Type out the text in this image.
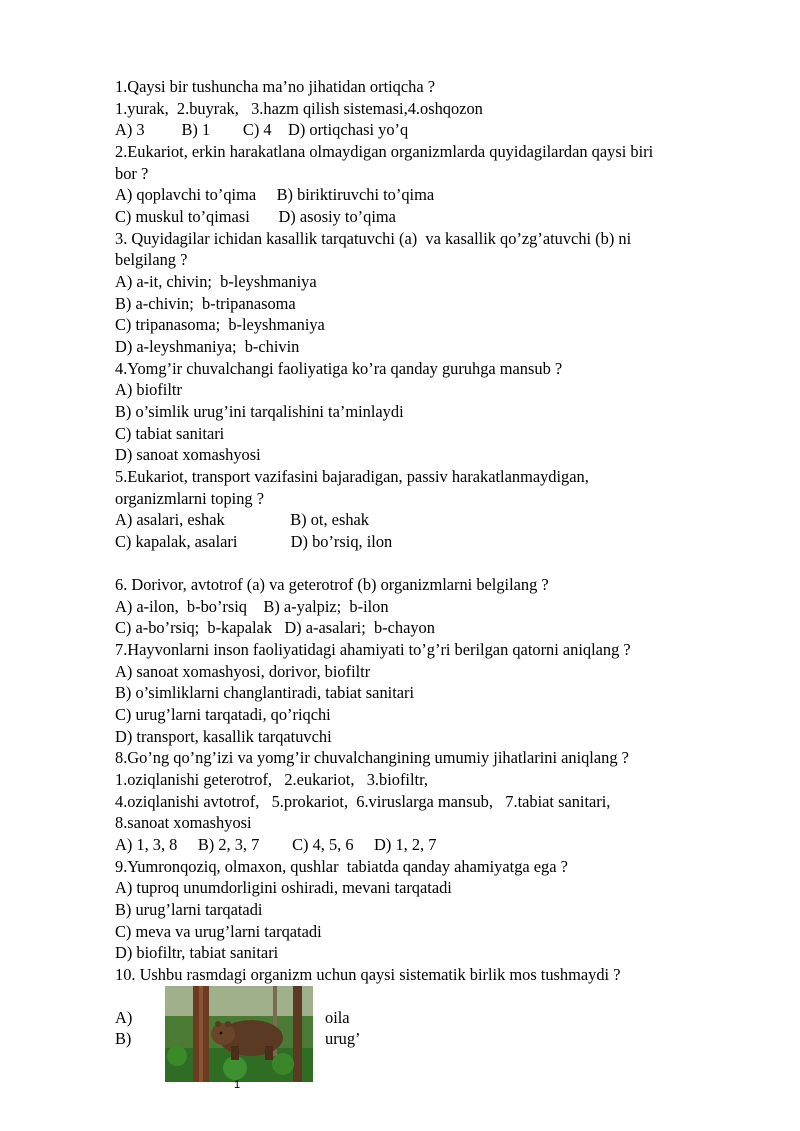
1.Qaysi bir tushuncha ma’no jihatidan ortiqcha ?
1.yurak,  2.buyrak,   3.hazm qilish sistemasi,4.oshqozon
A) 3         B) 1        C) 4    D) ortiqchasi yo’q
2.Eukariot, erkin harakatlana olmaydigan organizmlarda quyidagilardan qaysi biri
bor ?
A) qoplavchi to’qima     B) biriktiruvchi to’qima
C) muskul to’qimasi       D) asosiy to’qima
3. Quyidagilar ichidan kasallik tarqatuvchi (a)  va kasallik qo’zg’atuvchi (b) ni
belgilang ?
A) a-it, chivin;  b-leyshmaniya
B) a-chivin;  b-tripanasoma
C) tripanasoma;  b-leyshmaniya
D) a-leyshmaniya;  b-chivin
4.Yomg’ir chuvalchangi faoliyatiga ko’ra qanday guruhga mansub ?
A) biofiltr
B) o’simlik urug’ini tarqalishini ta’minlaydi
C) tabiat sanitari
D) sanoat xomashyosi
5.Eukariot, transport vazifasini bajaradigan, passiv harakatlanmaydigan,
organizmlarni toping ?
A) asalari, eshak                B) ot, eshak
C) kapalak, asalari             D) bo’rsiq, ilon
6. Dorivor, avtotrof (a) va geterotrof (b) organizmlarni belgilang ?
A) a-ilon,  b-bo’rsiq    B) a-yalpiz;  b-ilon
C) a-bo’rsiq;  b-kapalak   D) a-asalari;  b-chayon
7.Hayvonlarni inson faoliyatidagi ahamiyati to’g’ri berilgan qatorni aniqlang ?
A) sanoat xomashyosi, dorivor, biofiltr
B) o’simliklarni changlantiradi, tabiat sanitari
C) urug’larni tarqatadi, qo’riqchi
D) transport, kasallik tarqatuvchi
8.Go’ng qo’ng’izi va yomg’ir chuvalchangining umumiy jihatlarini aniqlang ?
1.oziqlanishi geterotrof,   2.eukariot,   3.biofiltr,
4.oziqlanishi avtotrof,   5.prokariot,  6.viruslarga mansub,   7.tabiat sanitari,
8.sanoat xomashyosi
A) 1, 3, 8     B) 2, 3, 7        C) 4, 5, 6     D) 1, 2, 7
9.Yumronqoziq, olmaxon, qushlar  tabiatda qanday ahamiyatga ega ?
A) tuproq unumdorligini oshiradi, mevani tarqatadi
B) urug’larni tarqatadi
C) meva va urug’larni tarqatadi
D) biofiltr, tabiat sanitari
10. Ushbu rasmdagi organizm uchun qaysi sistematik birlik mos tushmaydi ?
A)	oila
B)	urug’
1
